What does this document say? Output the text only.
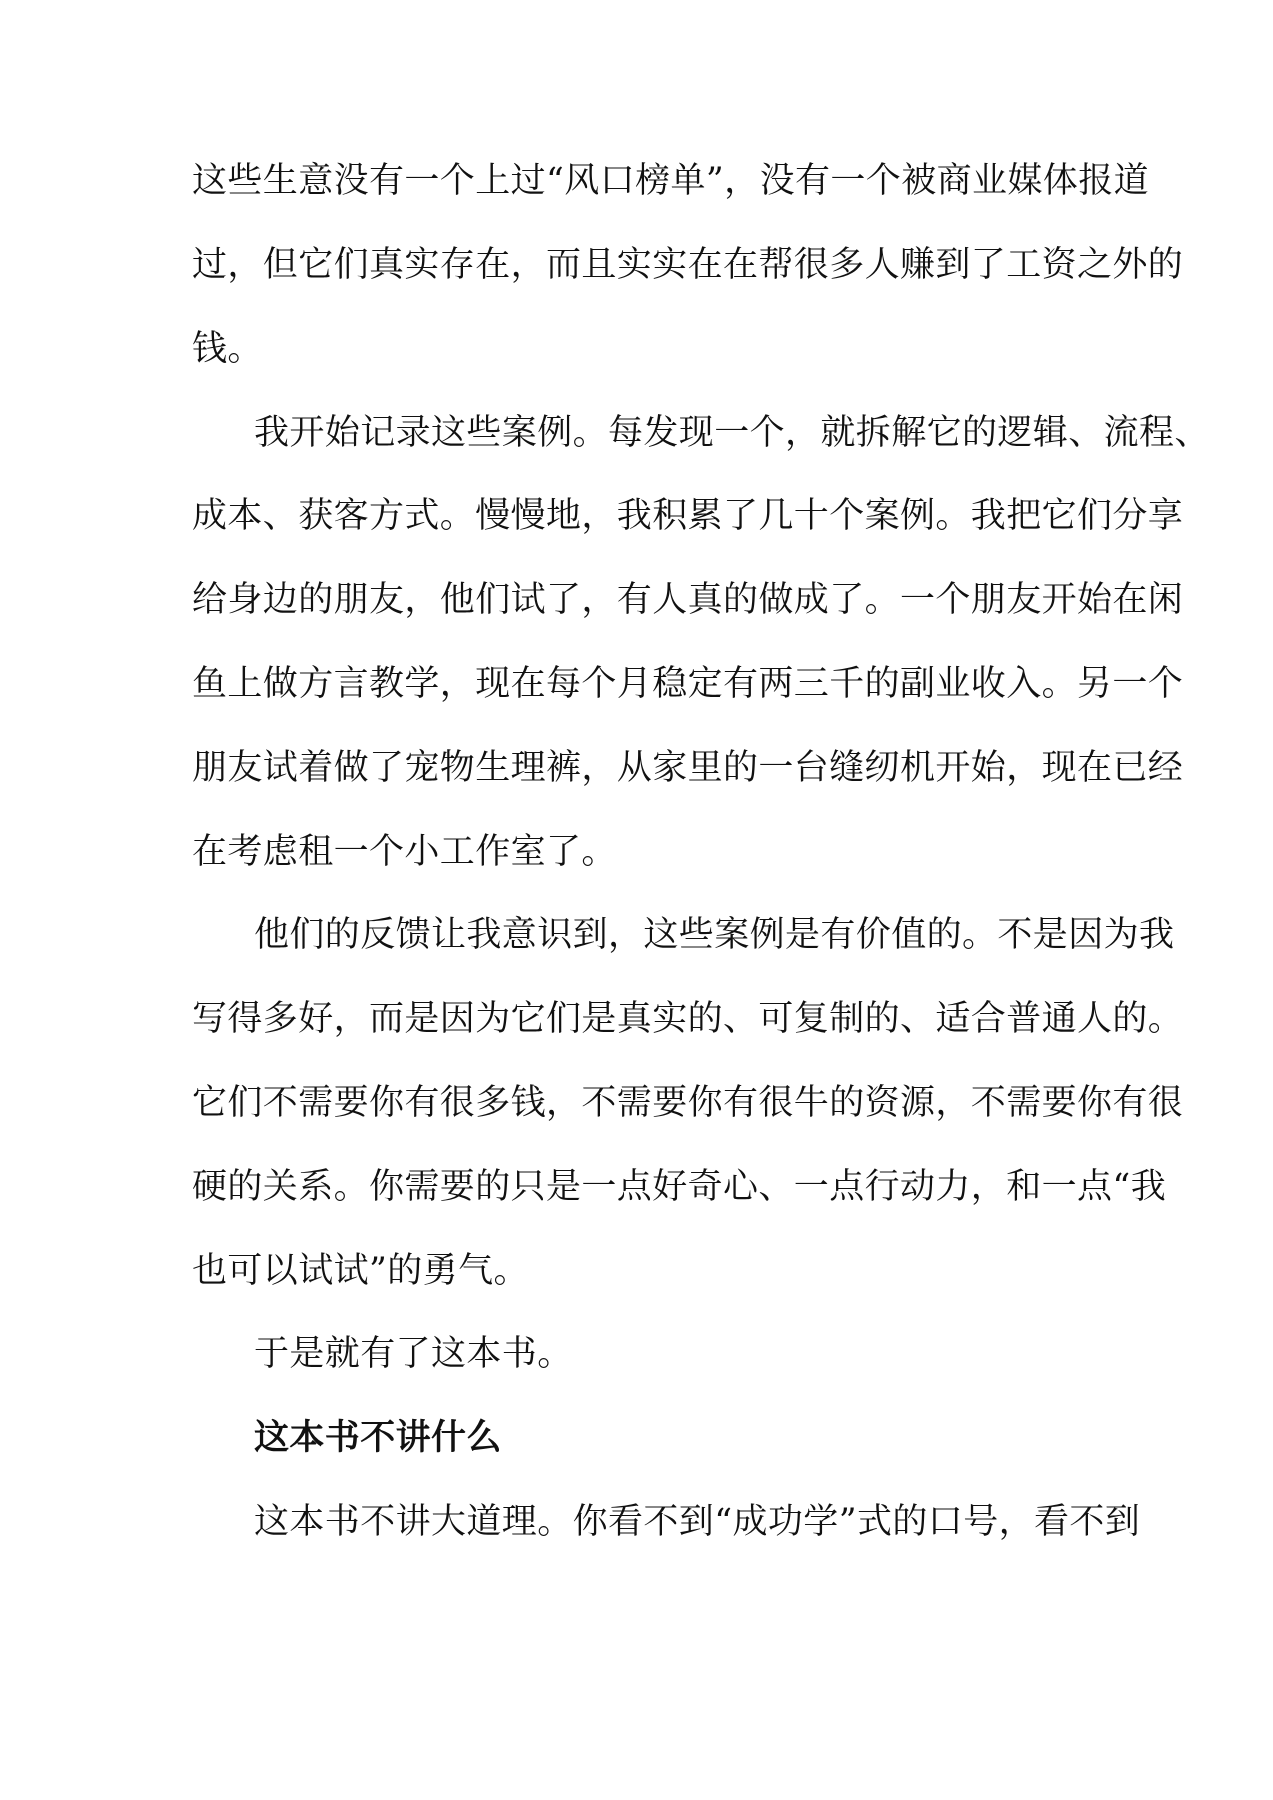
这些生意没有一个上过“风口榜单”，没有一个被商业媒体报道
过，但它们真实存在，而且实实在在帮很多人赚到了工资之外的
钱。
我开始记录这些案例。每发现一个，就拆解它的逻辑、流程、
成本、获客方式。慢慢地，我积累了几十个案例。我把它们分享
给身边的朋友，他们试了，有人真的做成了。一个朋友开始在闲
鱼上做方言教学，现在每个月稳定有两三千的副业收入。另一个
朋友试着做了宠物生理裤，从家里的一台缝纫机开始，现在已经
在考虑租一个小工作室了。
他们的反馈让我意识到，这些案例是有价值的。不是因为我
写得多好，而是因为它们是真实的、可复制的、适合普通人的。
它们不需要你有很多钱，不需要你有很牛的资源，不需要你有很
硬的关系。你需要的只是一点好奇心、一点行动力，和一点“我
也可以试试”的勇气。
于是就有了这本书。
这本书不讲什么
这本书不讲大道理。你看不到“成功学”式的口号，看不到
